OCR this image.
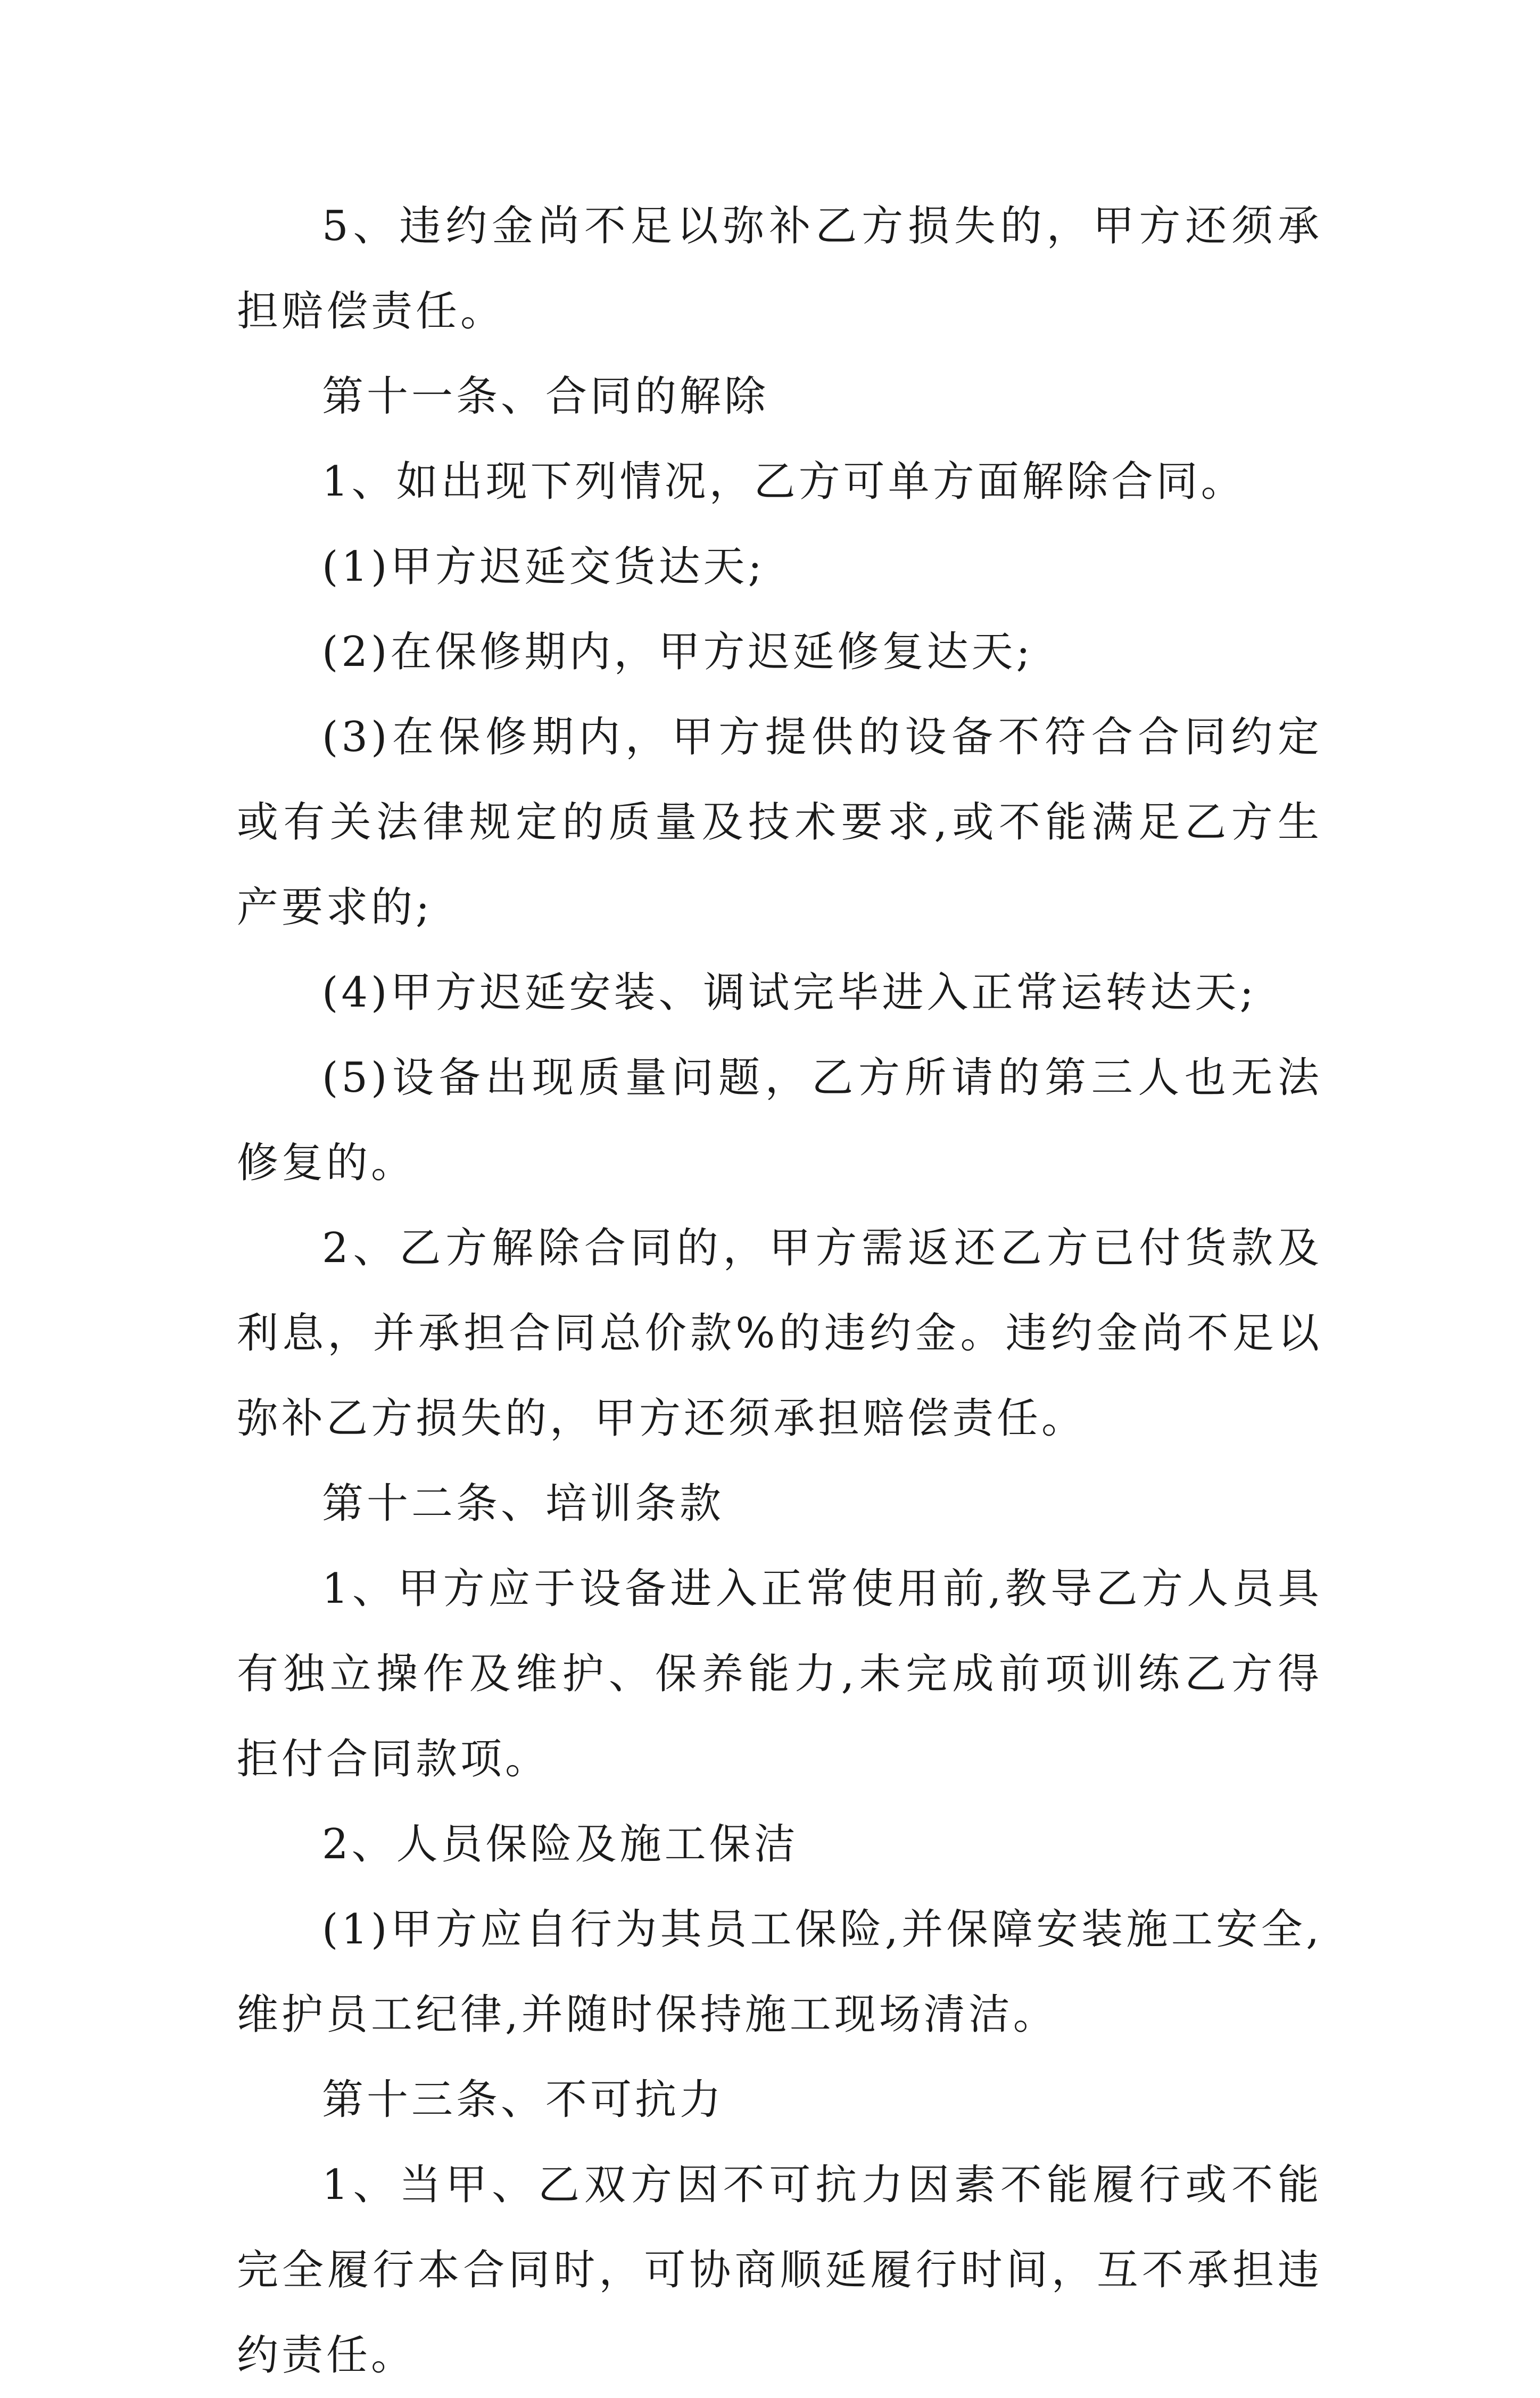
5、违约金尚不足以弥补乙方损失的，甲方还须承担赔偿责任。

第十一条、合同的解除

1、如出现下列情况，乙方可单方面解除合同。

(1)甲方迟延交货达天;

(2)在保修期内，甲方迟延修复达天;

(3)在保修期内，甲方提供的设备不符合合同约定或有关法律规定的质量及技术要求,或不能满足乙方生产要求的;

(4)甲方迟延安装、调试完毕进入正常运转达天;

(5)设备出现质量问题，乙方所请的第三人也无法修复的。

2、乙方解除合同的，甲方需返还乙方已付货款及利息，并承担合同总价款%的违约金。违约金尚不足以弥补乙方损失的，甲方还须承担赔偿责任。

第十二条、培训条款

1、甲方应于设备进入正常使用前,教导乙方人员具有独立操作及维护、保养能力,未完成前项训练乙方得拒付合同款项。

2、人员保险及施工保洁

(1)甲方应自行为其员工保险,并保障安装施工安全,维护员工纪律,并随时保持施工现场清洁。

第十三条、不可抗力

1、当甲、乙双方因不可抗力因素不能履行或不能完全履行本合同时，可协商顺延履行时间，互不承担违约责任。
